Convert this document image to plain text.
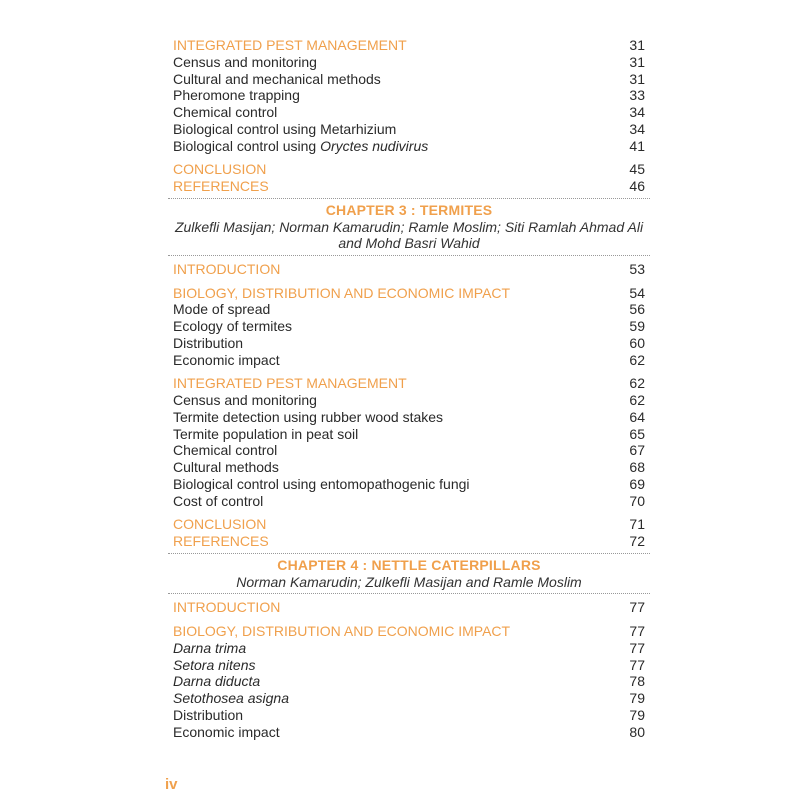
INTEGRATED PEST MANAGEMENT	31
Census and monitoring	31
Cultural and mechanical methods	31
Pheromone trapping	33
Chemical control	34
Biological control using Metarhizium	34
Biological control using Oryctes nudivirus	41
CONCLUSION	45
REFERENCES	46
CHAPTER 3 : TERMITES
Zulkefli Masijan; Norman Kamarudin; Ramle Moslim; Siti Ramlah Ahmad Ali
and Mohd Basri Wahid
INTRODUCTION	53
BIOLOGY, DISTRIBUTION AND ECONOMIC IMPACT	54
Mode of spread	56
Ecology of termites	59
Distribution	60
Economic impact	62
INTEGRATED PEST MANAGEMENT	62
Census and monitoring	62
Termite detection using rubber wood stakes	64
Termite population in peat soil	65
Chemical control	67
Cultural methods	68
Biological control using entomopathogenic fungi	69
Cost of control	70
CONCLUSION	71
REFERENCES	72
CHAPTER 4 : NETTLE CATERPILLARS
Norman Kamarudin; Zulkefli Masijan and Ramle Moslim
INTRODUCTION	77
BIOLOGY, DISTRIBUTION AND ECONOMIC IMPACT	77
Darna trima	77
Setora nitens	77
Darna diducta	78
Setothosea asigna	79
Distribution	79
Economic impact	80
iv
